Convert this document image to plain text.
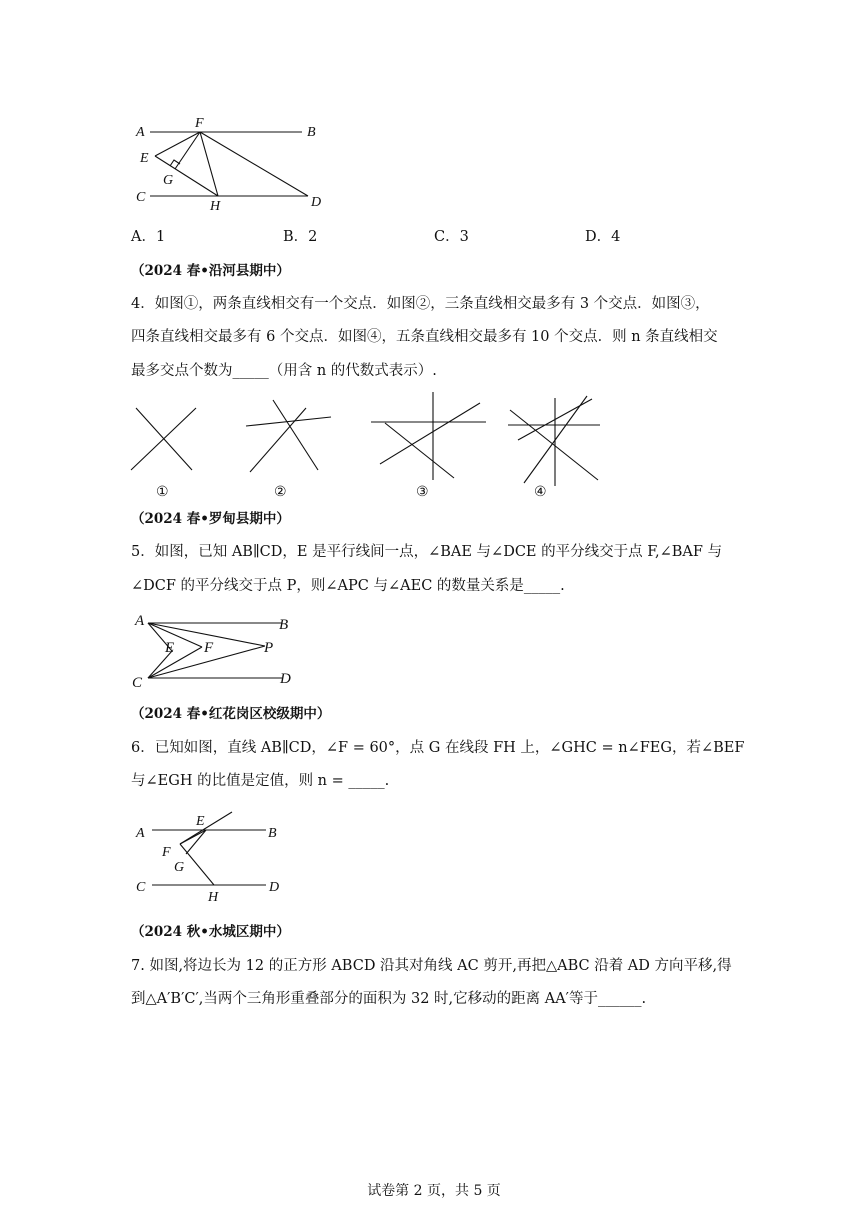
A
F
B
E
G
C
H	D
A．1	B．2	C．3	D．4
（2024 春•沿河县期中）
4．如图①，两条直线相交有一个交点．如图②，三条直线相交最多有 3 个交点．如图③，
四条直线相交最多有 6 个交点．如图④，五条直线相交最多有 10 个交点．则 n 条直线相交
最多交点个数为_____（用含 n 的代数式表示）.
①	②	③	④
（2024 春•罗甸县期中）
5．如图，已知 AB∥CD，E 是平行线间一点，∠BAE 与∠DCE 的平分线交于点 F,∠BAF 与
∠DCF 的平分线交于点 P，则∠APC 与∠AEC 的数量关系是_____.
A	B
E F	P
C	D
（2024 春•红花岗区校级期中）
6．已知如图，直线 AB∥CD，∠F = 60°，点 G 在线段 FH 上，∠GHC = n∠FEG，若∠BEF
与∠EGH 的比值是定值，则 n = _____.
A
E
B
F
G
C
H
D
（2024 秋•水城区期中）
7. 如图,将边长为 12 的正方形 ABCD 沿其对角线 AC 剪开,再把△ABC 沿着 AD 方向平移,得
到△A′B′C′,当两个三角形重叠部分的面积为 32 时,它移动的距离 AA′等于______.
试卷第 2 页，共 5 页
